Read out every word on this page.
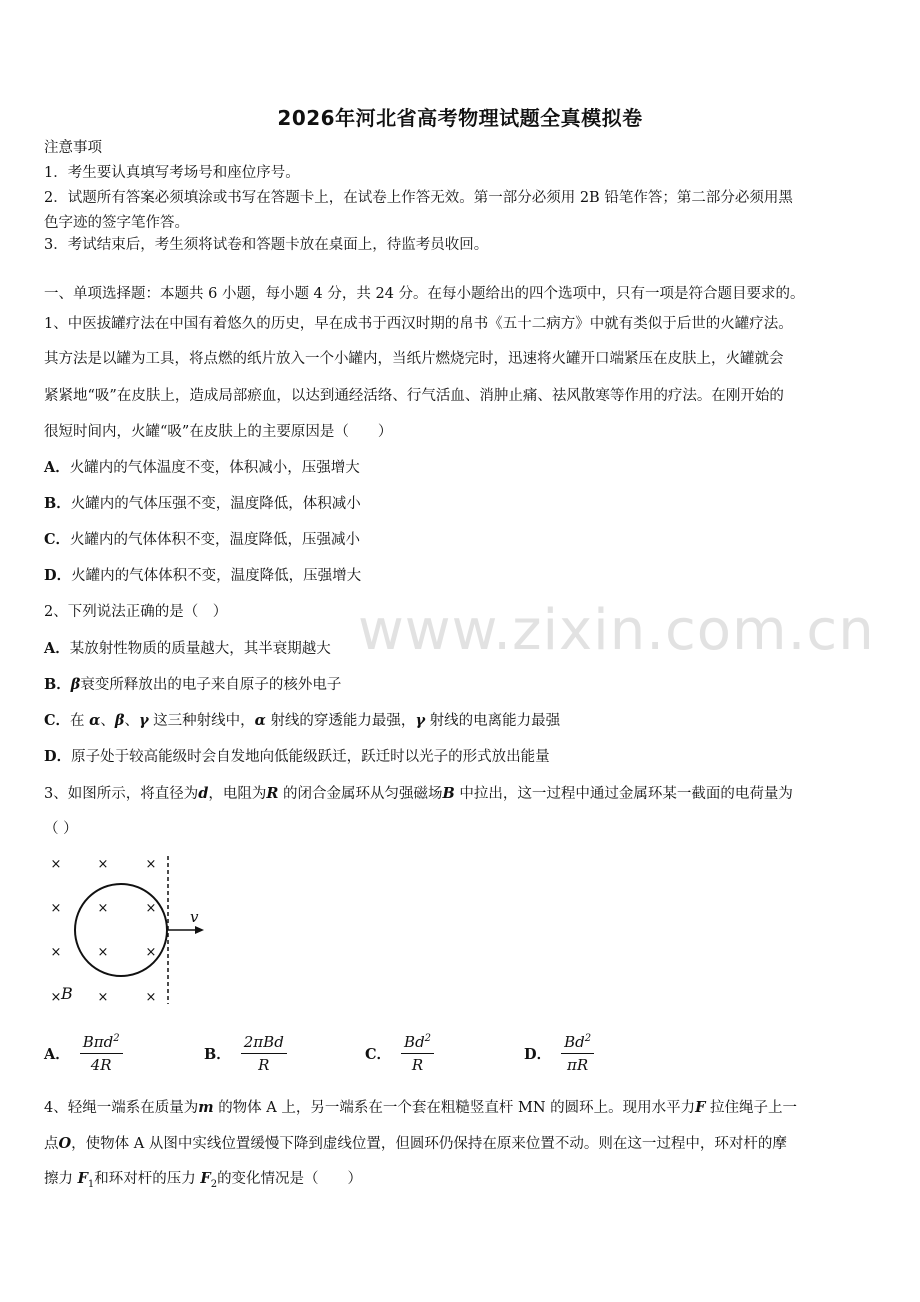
www.zixin.com.cn
2026年河北省高考物理试题全真模拟卷
注意事项
1．考生要认真填写考场号和座位序号。
2．试题所有答案必须填涂或书写在答题卡上，在试卷上作答无效。第一部分必须用 2B 铅笔作答；第二部分必须用黑
色字迹的签字笔作答。
3．考试结束后，考生须将试卷和答题卡放在桌面上，待监考员收回。
一、单项选择题：本题共 6 小题，每小题 4 分，共 24 分。在每小题给出的四个选项中，只有一项是符合题目要求的。
1、中医拔罐疗法在中国有着悠久的历史，早在成书于西汉时期的帛书《五十二病方》中就有类似于后世的火罐疗法。
其方法是以罐为工具，将点燃的纸片放入一个小罐内，当纸片燃烧完时，迅速将火罐开口端紧压在皮肤上，火罐就会
紧紧地“吸”在皮肤上，造成局部瘀血，以达到通经活络、行气活血、消肿止痛、祛风散寒等作用的疗法。在刚开始的
很短时间内，火罐“吸”在皮肤上的主要原因是（　　）
A．火罐内的气体温度不变，体积减小，压强增大
B．火罐内的气体压强不变，温度降低，体积减小
C．火罐内的气体体积不变，温度降低，压强减小
D．火罐内的气体体积不变，温度降低，压强增大
2、下列说法正确的是（　）
A．某放射性物质的质量越大，其半衰期越大
B．β衰变所释放出的电子来自原子的核外电子
C．在 α、β、γ 这三种射线中，α 射线的穿透能力最强，γ 射线的电离能力最强
D．原子处于较高能级时会自发地向低能级跃迁，跃迁时以光子的形式放出能量
3、如图所示，将直径为d，电阻为R 的闭合金属环从匀强磁场B 中拉出，这一过程中通过金属环某一截面的电荷量为
（ ）
×	×	×
×	×	×
×	×	×
×	×	×
B
v
A． $\frac{B\pi d^2}{4R}$	B． $\frac{\text{2πBd}}{R}$	C． $\frac{Bd^2}{R}$	D． $\frac{Bd^2}{\pi R}$
4、轻绳一端系在质量为m 的物体 A 上，另一端系在一个套在粗糙竖直杆 MN 的圆环上。现用水平力F 拉住绳子上一
点O，使物体 A 从图中实线位置缓慢下降到虚线位置，但圆环仍保持在原来位置不动。则在这一过程中，环对杆的摩
擦力 $F_1$和环对杆的压力 $F_2$的变化情况是（　　）
